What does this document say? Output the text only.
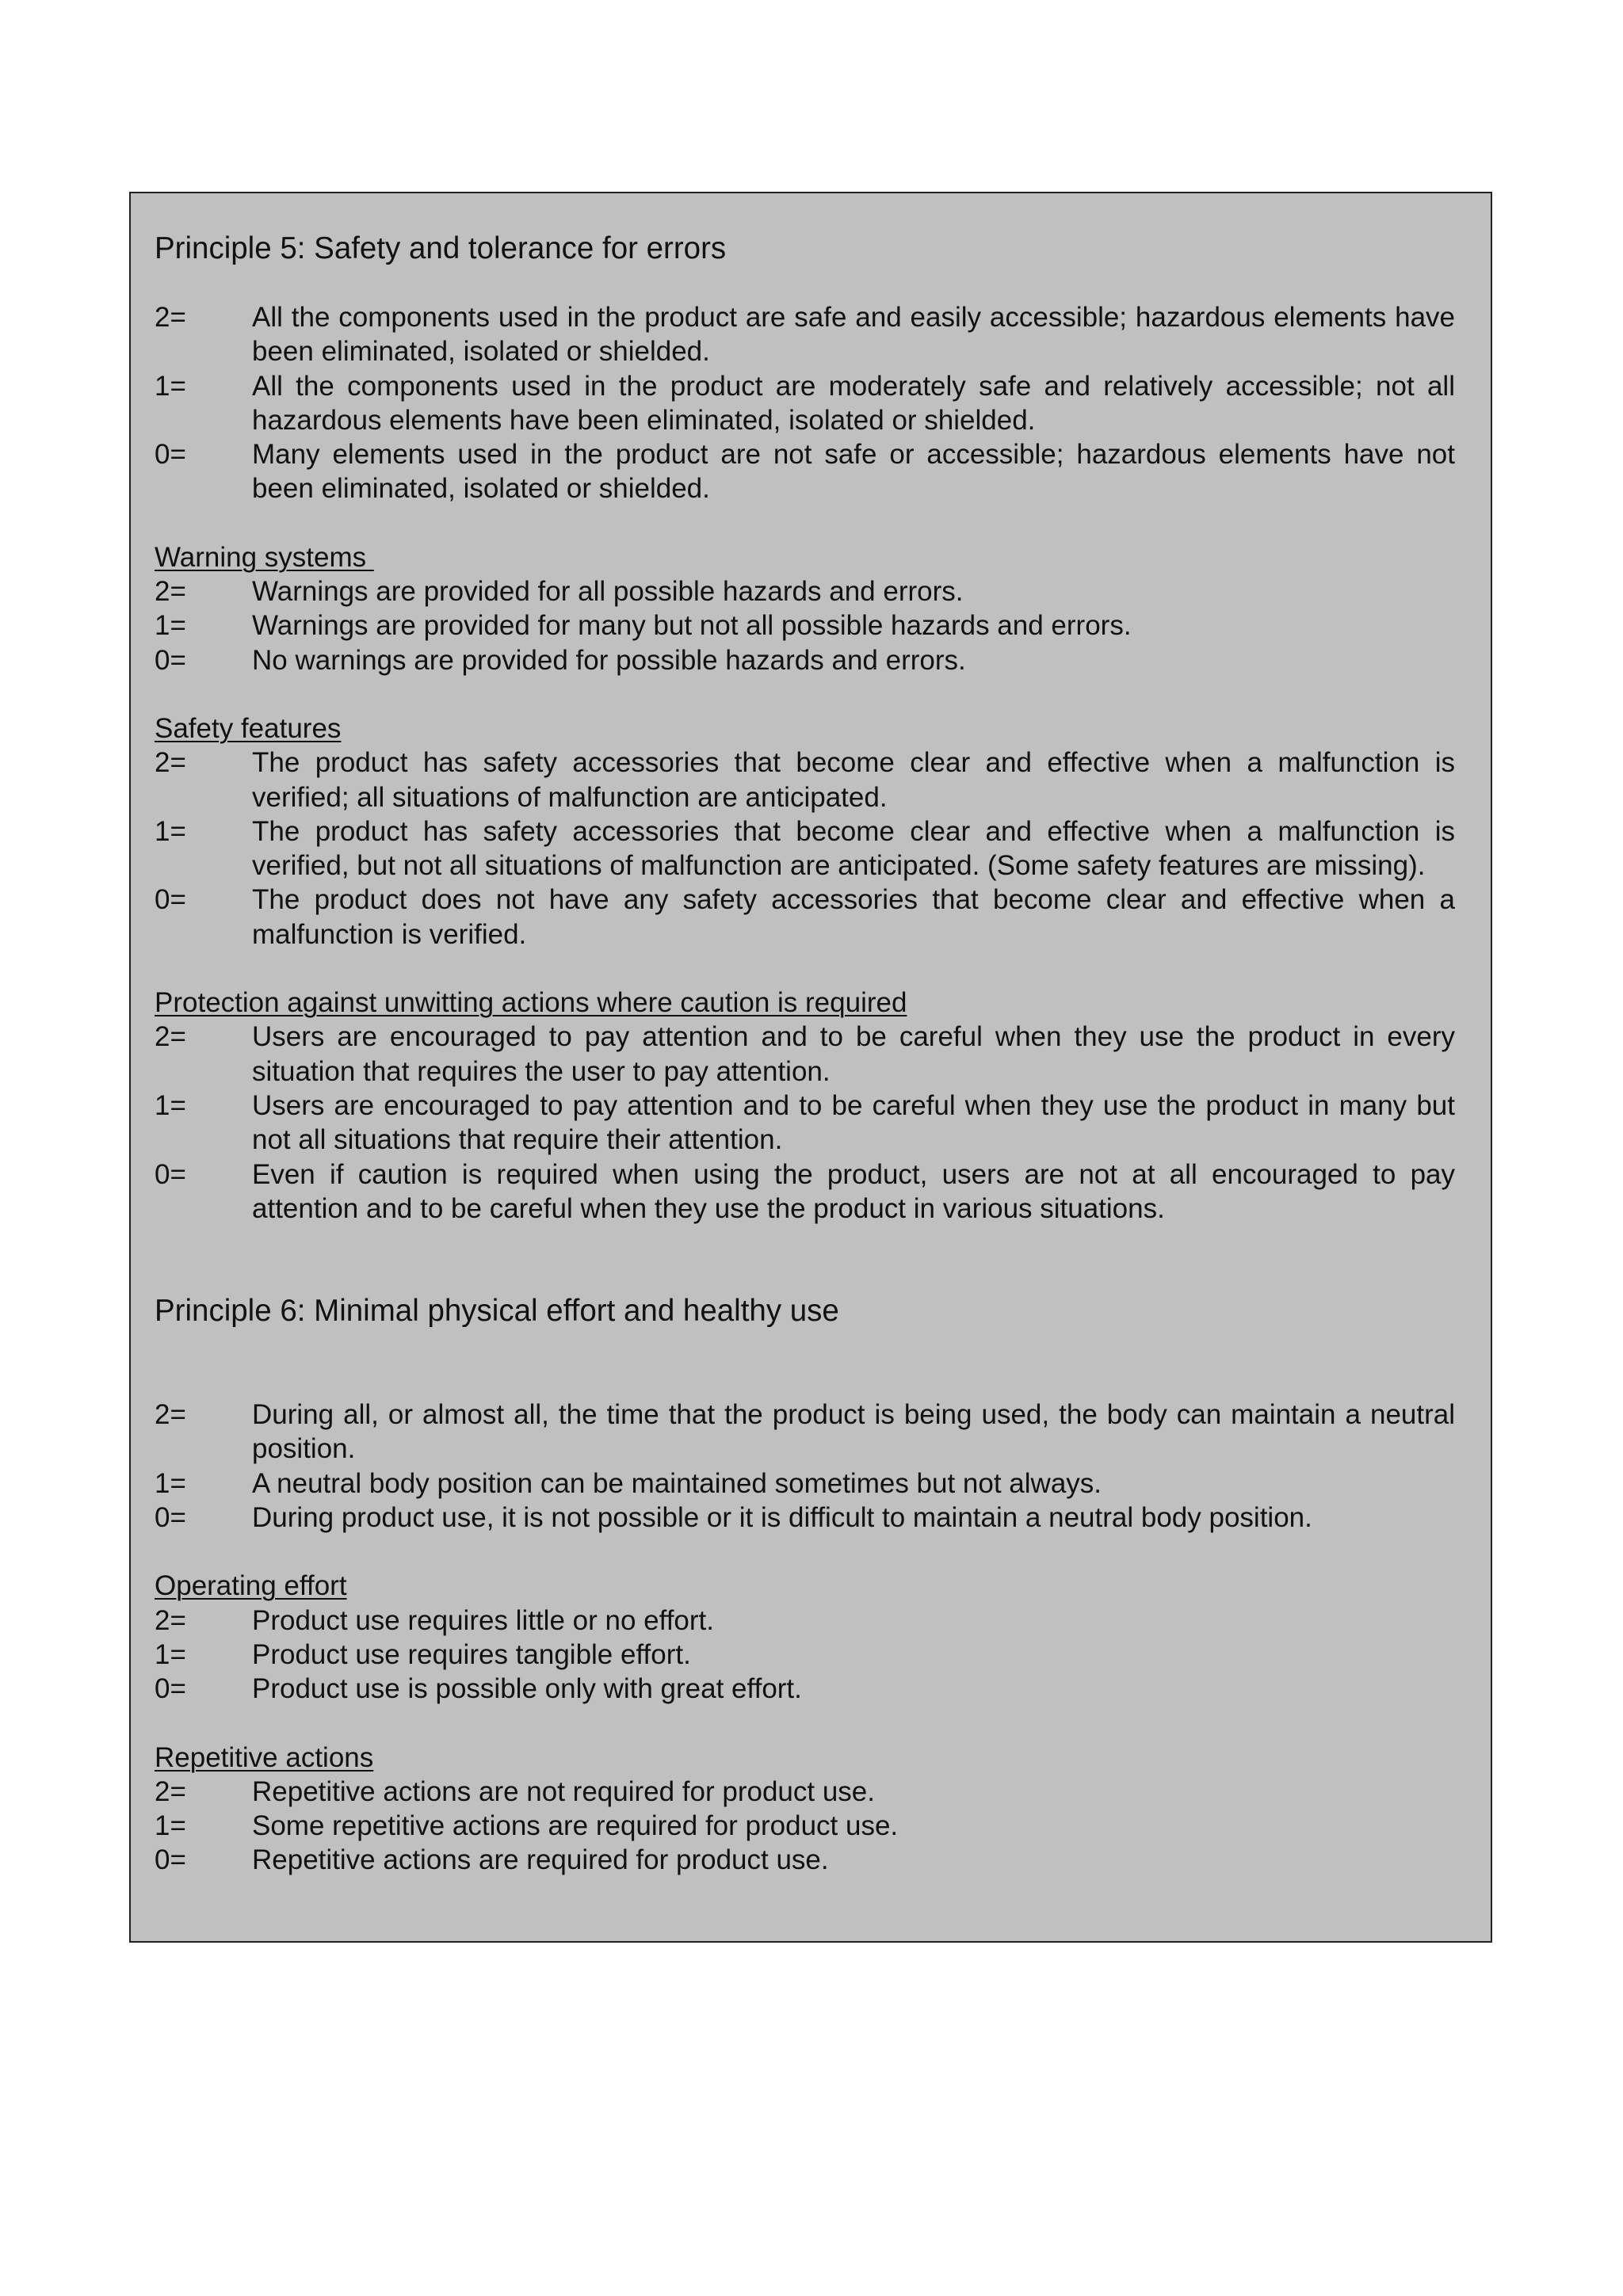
Principle 5: Safety and tolerance for errors
2=	All the components used in the product are safe and easily accessible; hazardous elements have been eliminated, isolated or shielded.
1=	All the components used in the product are moderately safe and relatively accessible; not all hazardous elements have been eliminated, isolated or shielded.
0=	Many elements used in the product are not safe or accessible; hazardous elements have not been eliminated, isolated or shielded.
Warning systems
2=	Warnings are provided for all possible hazards and errors.
1=	Warnings are provided for many but not all possible hazards and errors.
0=	No warnings are provided for possible hazards and errors.
Safety features
2=	The product has safety accessories that become clear and effective when a malfunction is verified; all situations of malfunction are anticipated.
1=	The product has safety accessories that become clear and effective when a malfunction is verified, but not all situations of malfunction are anticipated. (Some safety features are missing).
0=	The product does not have any safety accessories that become clear and effective when a malfunction is verified.
Protection against unwitting actions where caution is required
2=	Users are encouraged to pay attention and to be careful when they use the product in every situation that requires the user to pay attention.
1=	Users are encouraged to pay attention and to be careful when they use the product in many but not all situations that require their attention.
0=	Even if caution is required when using the product, users are not at all encouraged to pay attention and to be careful when they use the product in various situations.
Principle 6: Minimal physical effort and healthy use
2=	During all, or almost all, the time that the product is being used, the body can maintain a neutral position.
1=	A neutral body position can be maintained sometimes but not always.
0=	During product use, it is not possible or it is difficult to maintain a neutral body position.
Operating effort
2=	Product use requires little or no effort.
1=	Product use requires tangible effort.
0=	Product use is possible only with great effort.
Repetitive actions
2=	Repetitive actions are not required for product use.
1=	Some repetitive actions are required for product use.
0=	Repetitive actions are required for product use.
